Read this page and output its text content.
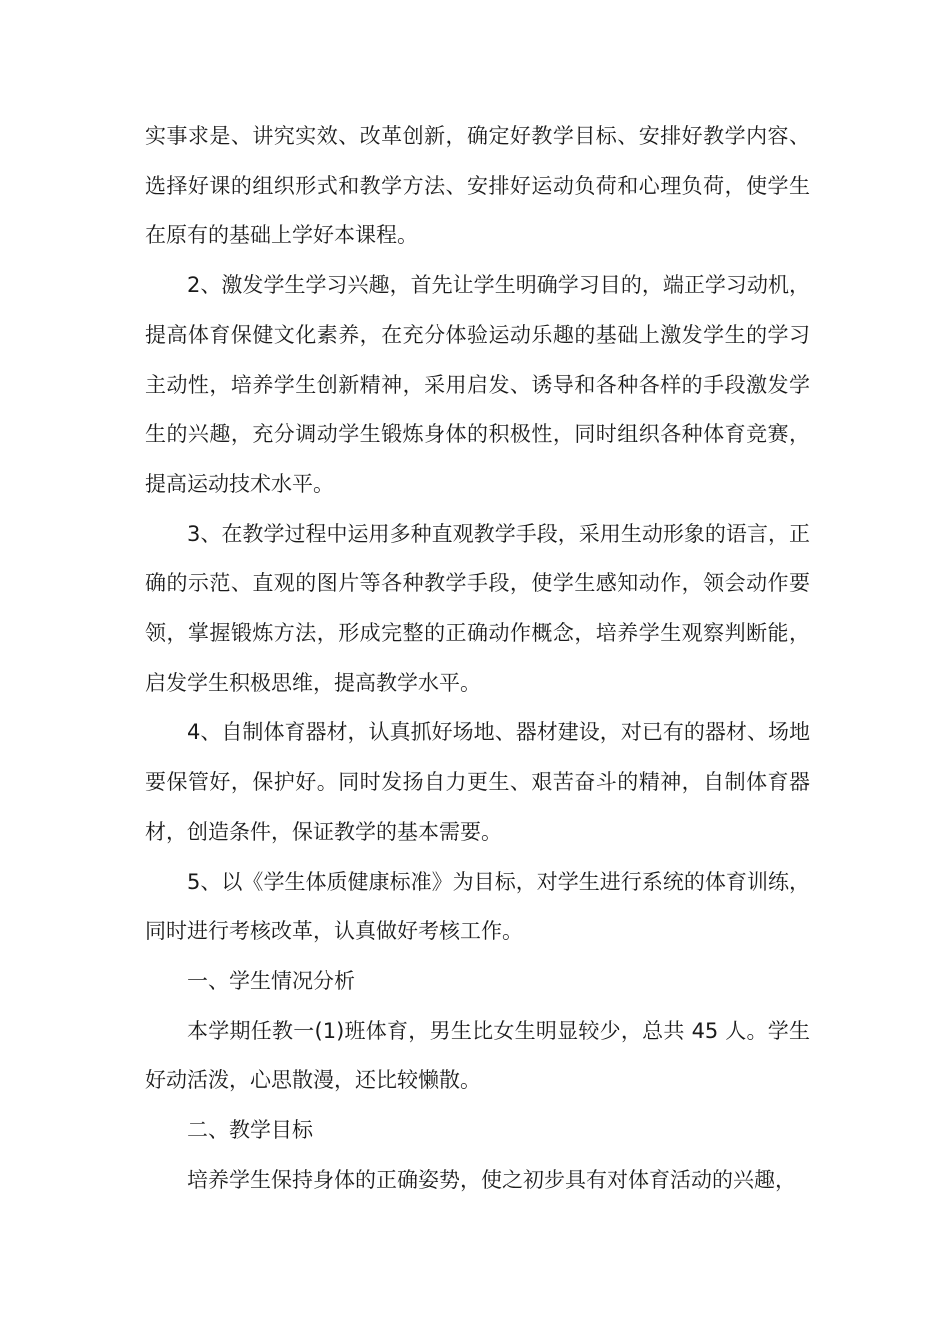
实事求是、讲究实效、改革创新，确定好教学目标、安排好教学内容、选择好课的组织形式和教学方法、安排好运动负荷和心理负荷，使学生在原有的基础上学好本课程。

2、激发学生学习兴趣，首先让学生明确学习目的，端正学习动机，提高体育保健文化素养，在充分体验运动乐趣的基础上激发学生的学习主动性，培养学生创新精神，采用启发、诱导和各种各样的手段激发学生的兴趣，充分调动学生锻炼身体的积极性，同时组织各种体育竞赛，提高运动技术水平。

3、在教学过程中运用多种直观教学手段，采用生动形象的语言，正确的示范、直观的图片等各种教学手段，使学生感知动作，领会动作要领，掌握锻炼方法，形成完整的正确动作概念，培养学生观察判断能，启发学生积极思维，提高教学水平。

4、自制体育器材，认真抓好场地、器材建设，对已有的器材、场地要保管好，保护好。同时发扬自力更生、艰苦奋斗的精神，自制体育器材，创造条件，保证教学的基本需要。

5、以《学生体质健康标准》为目标，对学生进行系统的体育训练，同时进行考核改革，认真做好考核工作。

一、学生情况分析

本学期任教一(1)班体育，男生比女生明显较少，总共 45 人。学生好动活泼，心思散漫，还比较懒散。

二、教学目标

培养学生保持身体的正确姿势，使之初步具有对体育活动的兴趣，
